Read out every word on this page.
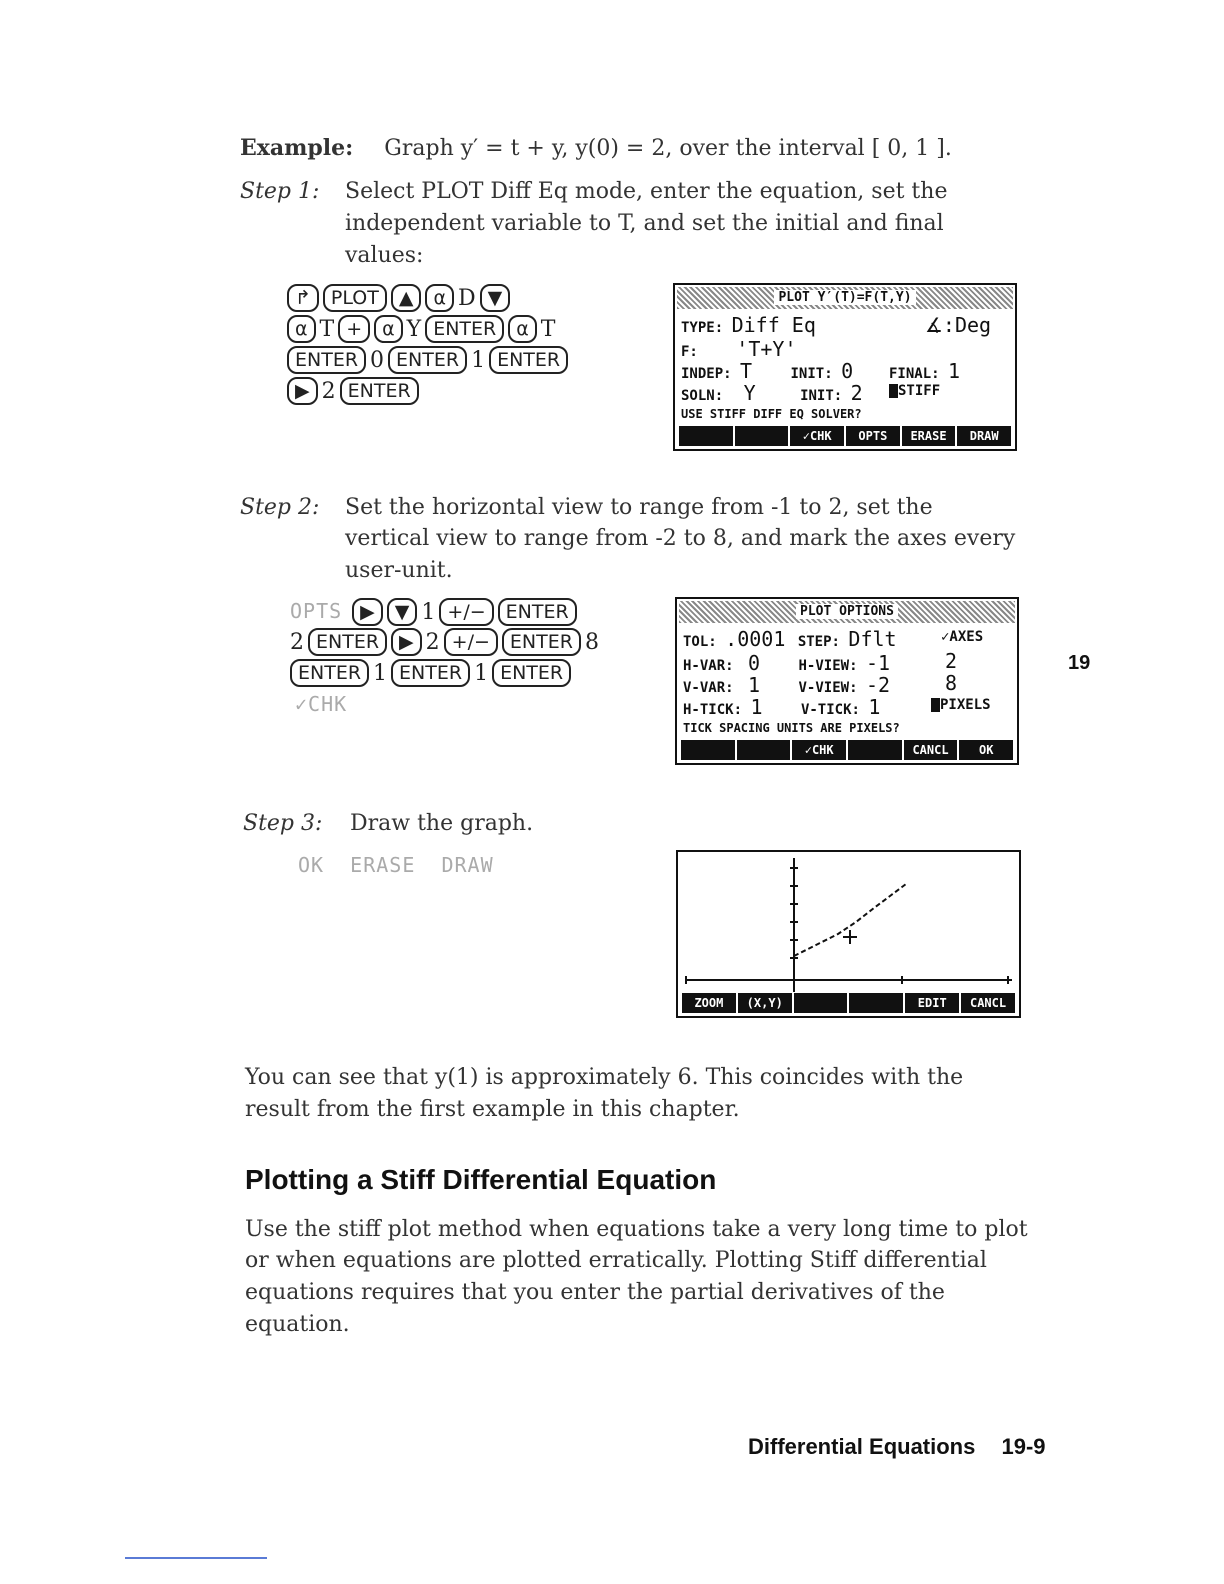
Example: Graph y′ = t + y, y(0) = 2, over the interval [ 0, 1 ].
Step 1: Select PLOT Diff Eq mode, enter the equation, set the
independent variable to T, and set the initial and final
values:
↱ PLOT ▲ α D ▼
α T + α Y ENTER α T
ENTER 0 ENTER 1 ENTER
▶ 2 ENTER
PLOT Y′(T)=F(T,Y)
TYPE: Diff Eq	∡:Deg
F: 'T+Y'
INDEP: T	INIT: 0	FINAL: 1
SOLN: Y	INIT: 2	STIFF
USE STIFF DIFF EQ SOLVER?
✓CHK	OPTS	ERASE	DRAW
Step 2: Set the horizontal view to range from -1 to 2, set the
vertical view to range from -2 to 8, and mark the axes every
user-unit.
OPTS ▶ ▼ 1 +/− ENTER
2 ENTER ▶ 2 +/− ENTER 8
ENTER 1 ENTER 1 ENTER
✓CHK
PLOT OPTIONS
TOL: .0001 STEP: Dflt	✓AXES
H-VAR: 0	H-VIEW: -1	2
V-VAR: 1	V-VIEW: -2	8
H-TICK: 1	V-TICK: 1	PIXELS
TICK SPACING UNITS ARE PIXELS?
✓CHK	CANCL	OK
19
Step 3: Draw the graph.
OK  ERASE  DRAW
ZOOM	(X,Y)	EDIT	CANCL
You can see that y(1) is approximately 6. This coincides with the
result from the first example in this chapter.
Plotting a Stiff Differential Equation
Use the stiff plot method when equations take a very long time to plot
or when equations are plotted erratically. Plotting Stiff differential
equations requires that you enter the partial derivatives of the
equation.
Differential Equations 19-9
